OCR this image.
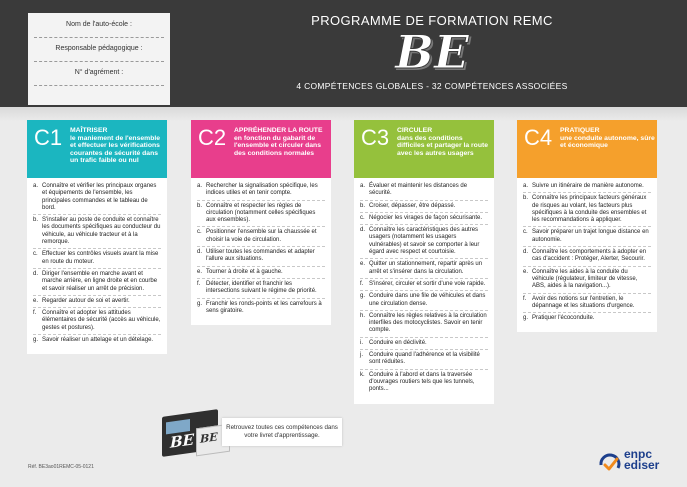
Nom de l'auto-école :
Responsable pédagogique :
N° d'agrément :
PROGRAMME DE FORMATION REMC
BE
4 COMPÉTENCES GLOBALES - 32 COMPÉTENCES ASSOCIÉES
C1 MAÎTRISER
le maniement de l'ensemble et effectuer les vérifications courantes de sécurité dans un trafic faible ou nul
a. Connaître et vérifier les principaux organes et équipements de l'ensemble, les principales commandes et le tableau de bord.
b. S'installer au poste de conduite et connaître les documents spécifiques au conducteur du véhicule, au véhicule tracteur et à la remorque.
c. Effectuer les contrôles visuels avant la mise en route du moteur.
d. Diriger l'ensemble en marche avant et marche arrière, en ligne droite et en courbe et savoir réaliser un arrêt de précision.
e. Regarder autour de soi et avertir.
f. Connaître et adopter les attitudes élémentaires de sécurité (accès au véhicule, gestes et postures).
g. Savoir réaliser un attelage et un dételage.
C2 APPRÉHENDER LA ROUTE
en fonction du gabarit de l'ensemble et circuler dans des conditions normales
a. Rechercher la signalisation spécifique, les indices utiles et en tenir compte.
b. Connaître et respecter les règles de circulation (notamment celles spécifiques aux ensembles).
c. Positionner l'ensemble sur la chaussée et choisir la voie de circulation.
d. Utiliser toutes les commandes et adapter l'allure aux situations.
e. Tourner à droite et à gauche.
f. Détecter, identifier et franchir les intersections suivant le régime de priorité.
g. Franchir les ronds-points et les carrefours à sens giratoire.
C3 CIRCULER
dans des conditions difficiles et partager la route avec les autres usagers
a. Évaluer et maintenir les distances de sécurité.
b. Croiser, dépasser, être dépassé.
c. Négocier les virages de façon sécurisante.
d. Connaître les caractéristiques des autres usagers (notamment les usagers vulnérables) et savoir se comporter à leur égard avec respect et courtoisie.
e. Quitter un stationnement, repartir après un arrêt et s'insérer dans la circulation.
f. S'insérer, circuler et sortir d'une voie rapide.
g. Conduire dans une file de véhicules et dans une circulation dense.
h. Connaître les règles relatives à la circulation interfiles des motocyclistes. Savoir en tenir compte.
i.	Conduire en déclivité.
j.	Conduire quand l'adhérence et la visibilité sont réduites.
k. Conduire à l'abord et dans la traversée d'ouvrages routiers tels que les tunnels, ponts...
C4 PRATIQUER
une conduite autonome, sûre et économique
a. Suivre un itinéraire de manière autonome.
b. Connaître les principaux facteurs généraux de risques au volant, les facteurs plus spécifiques à la conduite des ensembles et les recommandations à appliquer.
c. Savoir préparer un trajet longue distance en autonomie.
d. Connaître les comportements à adopter en cas d'accident : Protéger, Alerter, Secourir.
e. Connaître les aides à la conduite du véhicule (régulateur, limiteur de vitesse, ABS, aides à la navigation...).
f. Avoir des notions sur l'entretien, le dépannage et les situations d'urgence.
g. Pratiquer l'écoconduite.
BE BE
Retrouvez toutes ces compétences dans votre livret d'apprentissage.
Réf. BE3ao01REMC-05-0121
enpc
ediser
